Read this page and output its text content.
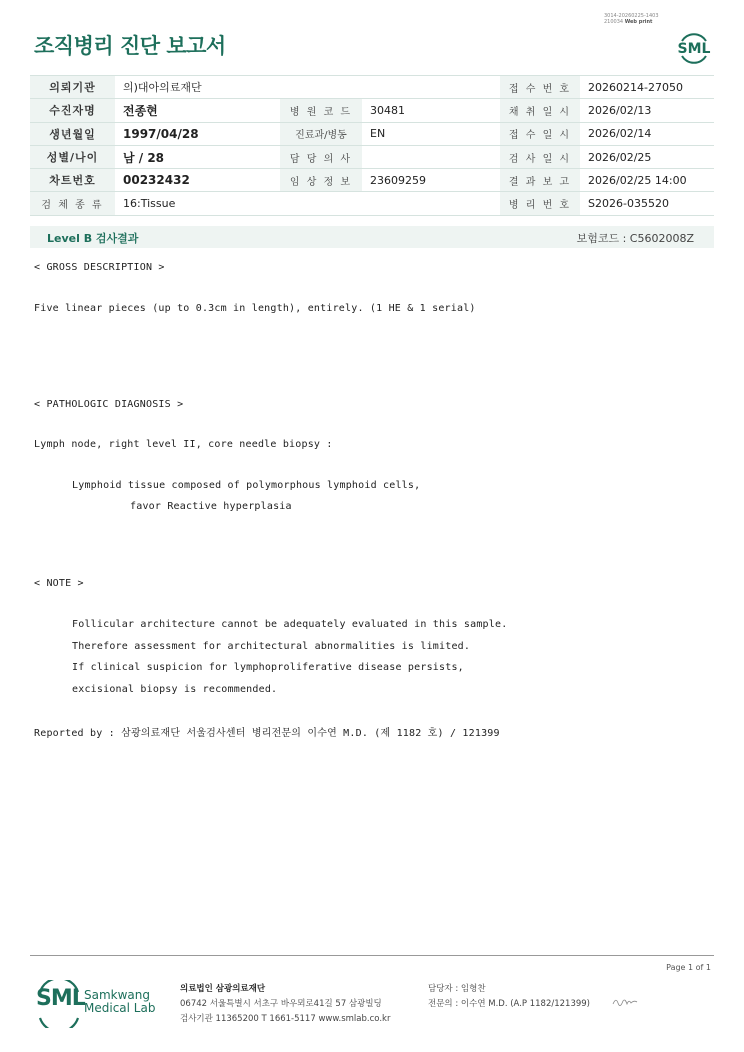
3014-20260225-1403
210034 Web print
조직병리 진단 보고서	SML
의뢰기관	의)대아의료재단			접 수 번 호	20260214-27050
수진자명	전종현	병 원 코 드	30481	채 취 일 시	2026/02/13
생년월일	1997/04/28	진료과/병동	EN	접 수 일 시	2026/02/14
성별/나이	남 / 28	담 당 의 사		검 사 일 시	2026/02/25
차트번호	00232432	임 상 정 보	23609259	결 과 보 고	2026/02/25 14:00
검 체 종 류	16:Tissue			병 리 번 호	S2026-035520
Level B 검사결과	보험코드 : C5602008Z
< GROSS DESCRIPTION >
Five linear pieces (up to 0.3cm in length), entirely. (1 HE & 1 serial)
< PATHOLOGIC DIAGNOSIS >
Lymph node, right level II, core needle biopsy :
Lymphoid tissue composed of polymorphous lymphoid cells,
favor Reactive hyperplasia
< NOTE >
Follicular architecture cannot be adequately evaluated in this sample.
Therefore assessment for architectural abnormalities is limited.
If clinical suspicion for lymphoproliferative disease persists,
excisional biopsy is recommended.
Reported by : 삼광의료재단 서울검사센터 병리전문의 이수연 M.D. (제 1182 호) / 121399
Page 1 of 1
SML Samkwang
Medical Lab
의료법인 삼광의료재단
06742 서울특별시 서초구 바우뫼로41길 57 삼광빌딩
검사기관 11365200 T 1661-5117 www.smlab.co.kr
담당자 : 임형찬
전문의 : 이수연 M.D. (A.P 1182/121399)
